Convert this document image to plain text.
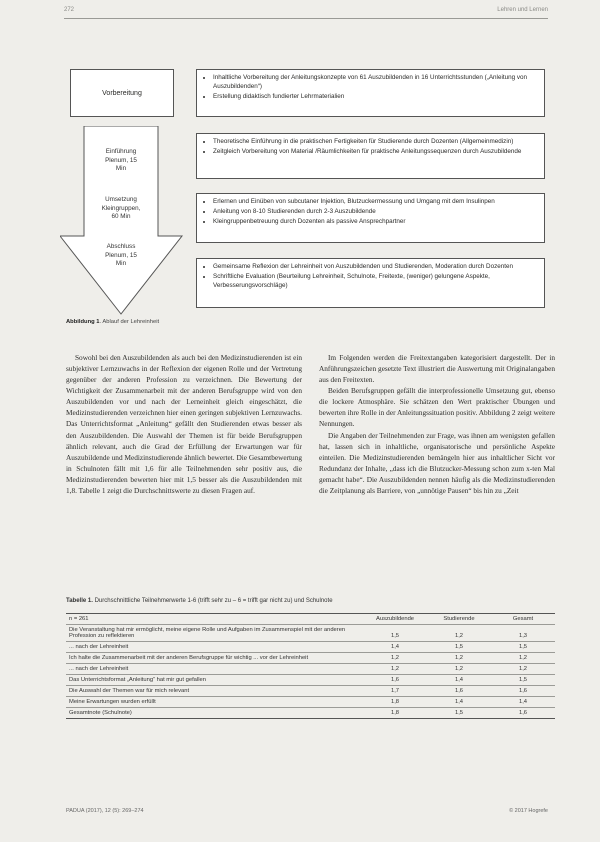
272	Lehren und Lernen
Vorbereitung
• Inhaltliche Vorbereitung der Anleitungskonzepte von 61 Auszubildenden in 16 Unterrichtsstunden („Anleitung von Auszubildenden“)
• Erstellung didaktisch fundierter Lehrmaterialien
Einführung
Plenum, 15
Min
Umsetzung
Kleingruppen,
60 Min
Abschluss
Plenum, 15
Min
• Theoretische Einführung in die praktischen Fertigkeiten für Studierende durch Dozenten (Allgemeinmedizin)
• Zeitgleich Vorbereitung von Material /Räumlichkeiten für praktische Anleitungssequenzen durch Auszubildende
• Erlernen und Einüben von subcutaner Injektion, Blutzuckermessung und Umgang mit dem Insulinpen
• Anleitung von 8-10 Studierenden durch 2-3 Auszubildende
• Kleingruppenbetreuung durch Dozenten als passive Ansprechpartner
• Gemeinsame Reflexion der Lehreinheit von Auszubildenden und Studierenden, Moderation durch Dozenten
• Schriftliche Evaluation (Beurteilung Lehreinheit, Schulnote, Freitexte, (weniger) gelungene Aspekte, Verbesserungsvorschläge)
Abbildung 1. Ablauf der Lehreinheit

Sowohl bei den Auszubildenden als auch bei den Medizinstudierenden ist ein subjektiver Lernzuwachs in der Reflexion der eigenen Rolle und der Vertretung gegenüber der anderen Profession zu verzeichnen. Die Bewertung der Wichtigkeit der Zusammenarbeit mit der anderen Berufsgruppe wird von den Auszubildenden vor und nach der Lerneinheit gleich eingeschätzt, die Medizinstudierenden verzeichnen hier einen geringen subjektiven Lernzuwachs. Das Unterrichtsformat „Anleitung“ gefällt den Studierenden etwas besser als den Auszubildenden. Die Auswahl der Themen ist für beide Berufsgruppen ähnlich relevant, auch die Grad der Erfüllung der Erwartungen war für Auszubildende und Medizinstudierende ähnlich bewertet. Die Gesamtbewertung in Schulnoten fällt mit 1,6 für alle Teilnehmenden sehr positiv aus, die Medizinstudierenden bewerten hier mit 1,5 besser als die Auszubildenden mit 1,8. Tabelle 1 zeigt die Durchschnittswerte zu diesen Fragen auf.

Im Folgenden werden die Freitextangaben kategorisiert dargestellt. Der in Anführungszeichen gesetzte Text illustriert die Auswertung mit Originalangaben aus den Freitexten.

Beiden Berufsgruppen gefällt die interprofessionelle Umsetzung gut, ebenso die lockere Atmosphäre. Sie schätzen den Wert praktischer Übungen und bewerten ihre Rolle in der Anleitungssituation positiv. Abbildung 2 zeigt weitere Nennungen.

Die Angaben der Teilnehmenden zur Frage, was ihnen am wenigsten gefallen hat, lassen sich in inhaltliche, organisatorische und persönliche Aspekte einteilen. Die Medizinstudierenden bemängeln hier aus inhaltlicher Sicht vor Redundanz der Inhalte, „dass ich die Blutzucker-Messung schon zum x-ten Mal gemacht habe“. Die Auszubildenden nennen häufig als die Medizinstudierenden die Zeitplanung als Barriere, von „unnötige Pausen“ bis hin zu „Zeit

Tabelle 1. Durchschnittliche Teilnehmerwerte 1-6 (trifft sehr zu – 6 = trifft gar nicht zu) und Schulnote
n = 261	Auszubildende	Studierende	Gesamt
Die Veranstaltung hat mir ermöglicht, meine eigene Rolle und Aufgaben im Zusammenspiel mit der anderen Profession zu reflektieren	1,5	1,2	1,3
... nach der Lehreinheit	1,4	1,5	1,5
Ich halte die Zusammenarbeit mit der anderen Berufsgruppe für wichtig ... vor der Lehreinheit	1,2	1,2	1,2
... nach der Lehreinheit	1,2	1,2	1,2
Das Unterrichtsformat „Anleitung“ hat mir gut gefallen	1,6	1,4	1,5
Die Auswahl der Themen war für mich relevant	1,7	1,6	1,6
Meine Erwartungen wurden erfüllt	1,8	1,4	1,4
Gesamtnote (Schulnote)	1,8	1,5	1,6
PADUA (2017), 12 (5): 269–274	© 2017 Hogrefe
